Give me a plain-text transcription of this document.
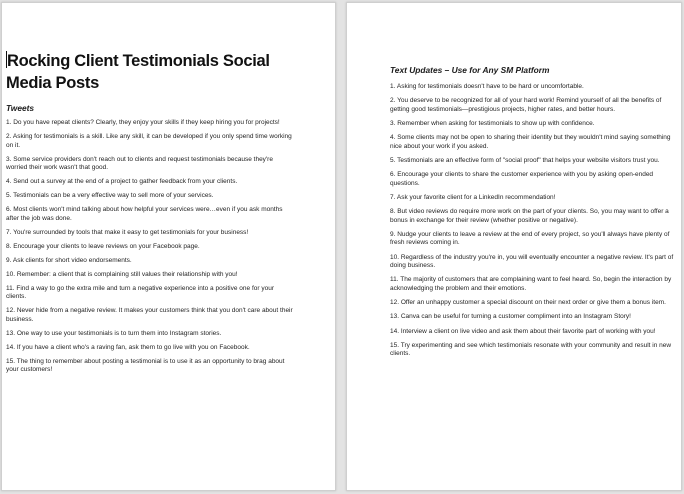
Rocking Client Testimonials Social Media Posts
Tweets

1. Do you have repeat clients? Clearly, they enjoy your skills if they keep hiring you for projects!

2. Asking for testimonials is a skill. Like any skill, it can be developed if you only spend time working on it.

3. Some service providers don't reach out to clients and request testimonials because they're worried their work wasn't that good.

4. Send out a survey at the end of a project to gather feedback from your clients.

5. Testimonials can be a very effective way to sell more of your services.

6. Most clients won't mind talking about how helpful your services were…even if you ask months after the job was done.

7. You're surrounded by tools that make it easy to get testimonials for your business!

8. Encourage your clients to leave reviews on your Facebook page.

9. Ask clients for short video endorsements.

10. Remember: a client that is complaining still values their relationship with you!

11. Find a way to go the extra mile and turn a negative experience into a positive one for your clients.

12. Never hide from a negative review. It makes your customers think that you don't care about their business.

13. One way to use your testimonials is to turn them into Instagram stories.

14. If you have a client who's a raving fan, ask them to go live with you on Facebook.

15. The thing to remember about posting a testimonial is to use it as an opportunity to brag about your customers!

Text Updates – Use for Any SM Platform

1. Asking for testimonials doesn't have to be hard or uncomfortable.

2. You deserve to be recognized for all of your hard work! Remind yourself of all the benefits of getting good testimonials—prestigious projects, higher rates, and better hours.

3. Remember when asking for testimonials to show up with confidence.

4. Some clients may not be open to sharing their identity but they wouldn't mind saying something nice about your work if you asked.

5. Testimonials are an effective form of "social proof" that helps your website visitors trust you.

6. Encourage your clients to share the customer experience with you by asking open-ended questions.

7. Ask your favorite client for a LinkedIn recommendation!

8. But video reviews do require more work on the part of your clients. So, you may want to offer a bonus in exchange for their review (whether positive or negative).

9. Nudge your clients to leave a review at the end of every project, so you'll always have plenty of fresh reviews coming in.

10. Regardless of the industry you're in, you will eventually encounter a negative review. It's part of doing business.

11. The majority of customers that are complaining want to feel heard. So, begin the interaction by acknowledging the problem and their emotions.

12. Offer an unhappy customer a special discount on their next order or give them a bonus item.

13. Canva can be useful for turning a customer compliment into an Instagram Story!

14. Interview a client on live video and ask them about their favorite part of working with you!

15. Try experimenting and see which testimonials resonate with your community and result in new clients.
